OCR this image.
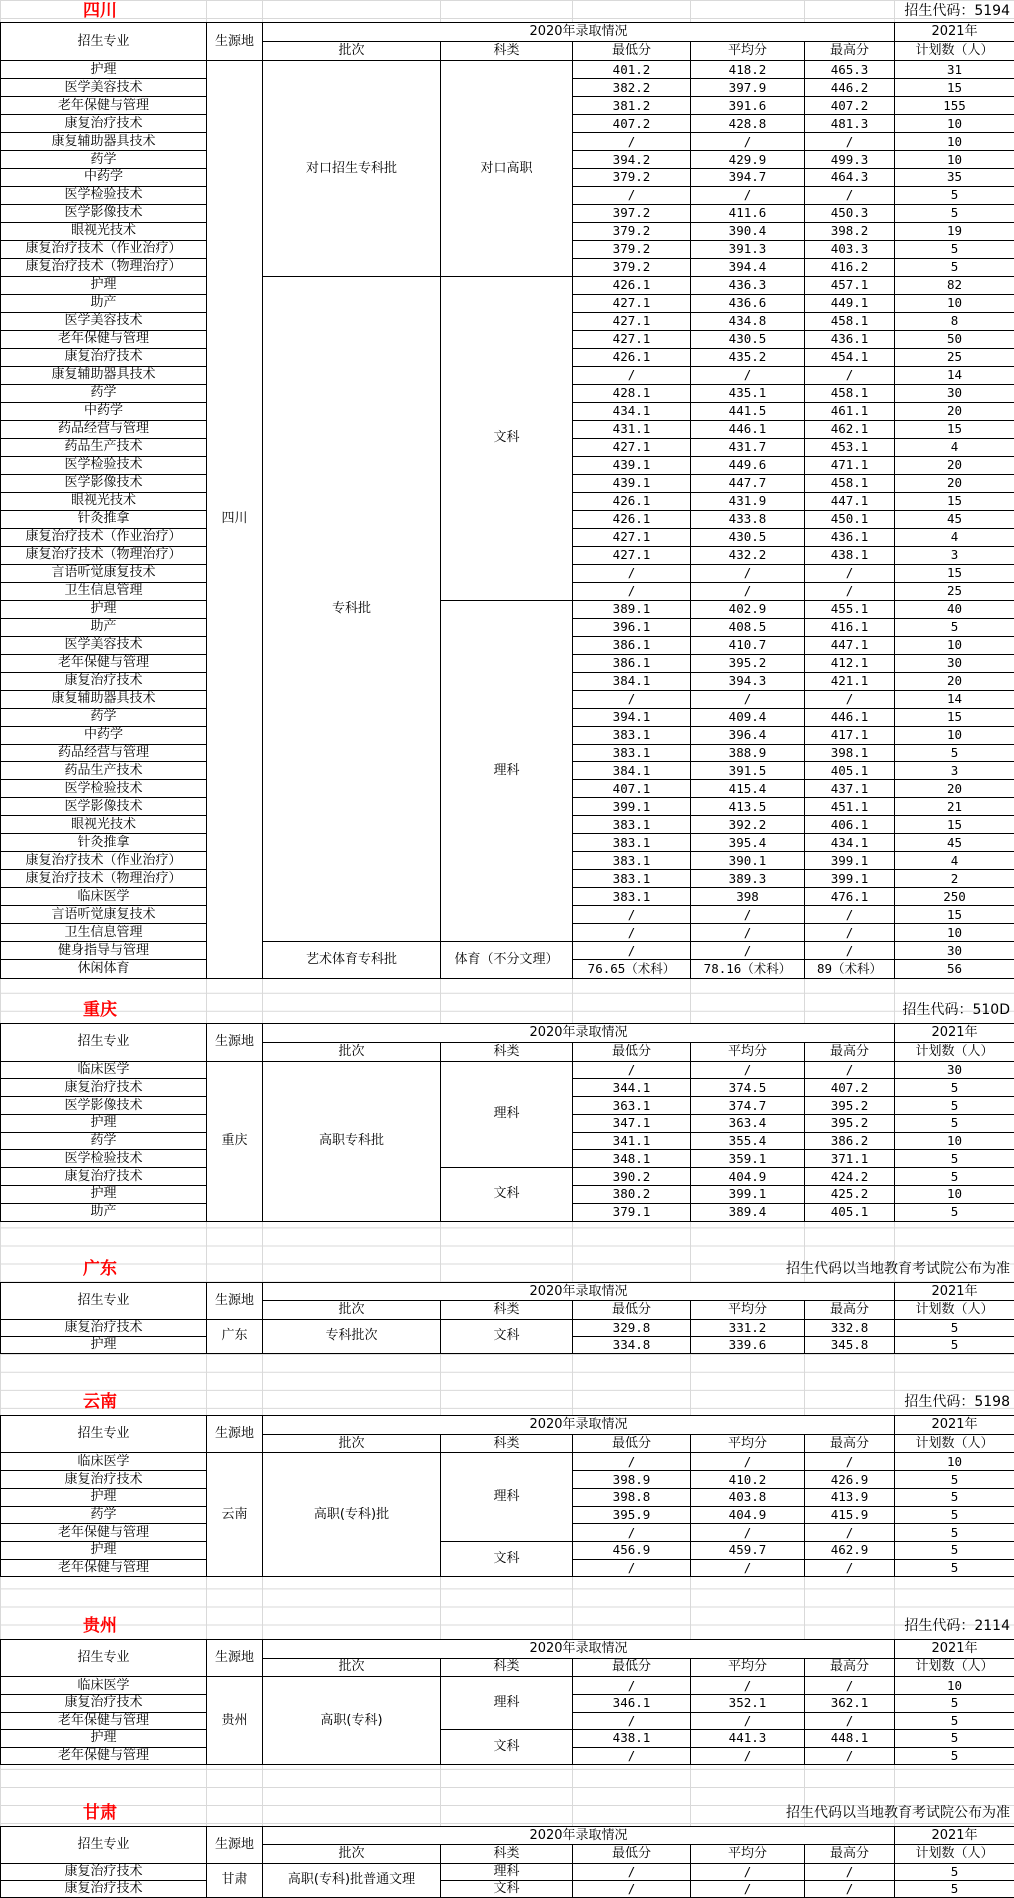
四川	招生代码：5194
招生专业	生源地	2020年录取情况					2021年
		批次	科类	最低分	平均分	最高分	计划数（人）
护理	四川	对口招生专科批	对口高职	401.2	418.2	465.3	31
医学美容技术				382.2	397.9	446.2	15
老年保健与管理				381.2	391.6	407.2	155
康复治疗技术				407.2	428.8	481.3	10
康复辅助器具技术				/	/	/	10
药学				394.2	429.9	499.3	10
中药学				379.2	394.7	464.3	35
医学检验技术				/	/	/	5
医学影像技术				397.2	411.6	450.3	5
眼视光技术				379.2	390.4	398.2	19
康复治疗技术（作业治疗）				379.2	391.3	403.3	5
康复治疗技术（物理治疗）				379.2	394.4	416.2	5
护理		专科批	文科	426.1	436.3	457.1	82
助产				427.1	436.6	449.1	10
医学美容技术				427.1	434.8	458.1	8
老年保健与管理				427.1	430.5	436.1	50
康复治疗技术				426.1	435.2	454.1	25
康复辅助器具技术				/	/	/	14
药学				428.1	435.1	458.1	30
中药学				434.1	441.5	461.1	20
药品经营与管理				431.1	446.1	462.1	15
药品生产技术				427.1	431.7	453.1	4
医学检验技术				439.1	449.6	471.1	20
医学影像技术				439.1	447.7	458.1	20
眼视光技术				426.1	431.9	447.1	15
针灸推拿				426.1	433.8	450.1	45
康复治疗技术（作业治疗）				427.1	430.5	436.1	4
康复治疗技术（物理治疗）				427.1	432.2	438.1	3
言语听觉康复技术				/	/	/	15
卫生信息管理				/	/	/	25
护理			理科	389.1	402.9	455.1	40
助产				396.1	408.5	416.1	5
医学美容技术				386.1	410.7	447.1	10
老年保健与管理				386.1	395.2	412.1	30
康复治疗技术				384.1	394.3	421.1	20
康复辅助器具技术				/	/	/	14
药学				394.1	409.4	446.1	15
中药学				383.1	396.4	417.1	10
药品经营与管理				383.1	388.9	398.1	5
药品生产技术				384.1	391.5	405.1	3
医学检验技术				407.1	415.4	437.1	20
医学影像技术				399.1	413.5	451.1	21
眼视光技术				383.1	392.2	406.1	15
针灸推拿				383.1	395.4	434.1	45
康复治疗技术（作业治疗）				383.1	390.1	399.1	4
康复治疗技术（物理治疗）				383.1	389.3	399.1	2
临床医学				383.1	398	476.1	250
言语听觉康复技术				/	/	/	15
卫生信息管理				/	/	/	10
健身指导与管理		艺术体育专科批	体育（不分文理）	/	/	/	30
休闲体育				76.65（术科）	78.16（术科）	89（术科）	56
重庆	招生代码：510D
招生专业	生源地	2020年录取情况					2021年
		批次	科类	最低分	平均分	最高分	计划数（人）
临床医学	重庆	高职专科批	理科	/	/	/	30
康复治疗技术				344.1	374.5	407.2	5
医学影像技术				363.1	374.7	395.2	5
护理				347.1	363.4	395.2	5
药学				341.1	355.4	386.2	10
医学检验技术				348.1	359.1	371.1	5
康复治疗技术			文科	390.2	404.9	424.2	5
护理				380.2	399.1	425.2	10
助产				379.1	389.4	405.1	5
广东	招生代码以当地教育考试院公布为准
招生专业	生源地	2020年录取情况					2021年
		批次	科类	最低分	平均分	最高分	计划数（人）
康复治疗技术	广东	专科批次	文科	329.8	331.2	332.8	5
护理				334.8	339.6	345.8	5
云南	招生代码：5198
招生专业	生源地	2020年录取情况					2021年
		批次	科类	最低分	平均分	最高分	计划数（人）
临床医学	云南	高职(专科)批	理科	/	/	/	10
康复治疗技术				398.9	410.2	426.9	5
护理				398.8	403.8	413.9	5
药学				395.9	404.9	415.9	5
老年保健与管理				/	/	/	5
护理			文科	456.9	459.7	462.9	5
老年保健与管理				/	/	/	5
贵州	招生代码：2114
招生专业	生源地	2020年录取情况					2021年
		批次	科类	最低分	平均分	最高分	计划数（人）
临床医学	贵州	高职(专科)	理科	/	/	/	10
康复治疗技术				346.1	352.1	362.1	5
老年保健与管理				/	/	/	5
护理			文科	438.1	441.3	448.1	5
老年保健与管理				/	/	/	5
甘肃	招生代码以当地教育考试院公布为准
招生专业	生源地	2020年录取情况					2021年
		批次	科类	最低分	平均分	最高分	计划数（人）
康复治疗技术	甘肃	高职(专科)批普通文理	理科	/	/	/	5
康复治疗技术			文科	/	/	/	5
